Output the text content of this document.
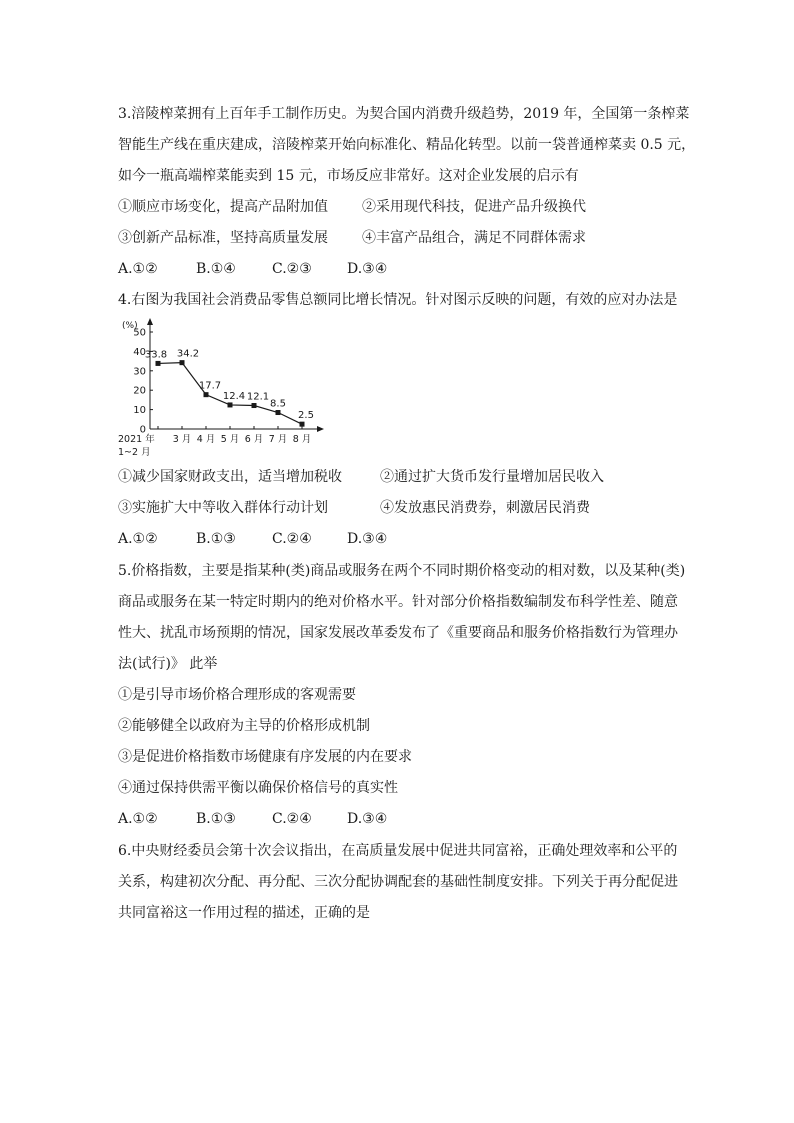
3.涪陵榨菜拥有上百年手工制作历史。为契合国内消费升级趋势，2019 年，全国第一条榨菜
智能生产线在重庆建成，涪陵榨菜开始向标准化、精品化转型。以前一袋普通榨菜卖 0.5 元，
如今一瓶高端榨菜能卖到 15 元，市场反应非常好。这对企业发展的启示有
①顺应市场变化，提高产品附加值 ②采用现代科技，促进产品升级换代
③创新产品标准，坚持高质量发展 ④丰富产品组合，满足不同群体需求
A.①②	B.①④	C.②③	D.③④
4.右图为我国社会消费品零售总额同比增长情况。针对图示反映的问题，有效的应对办法是
(%)
50
40
30
20
10
0
2021 年 3 月 4 月 5 月 6 月 7 月 8 月
1~2 月
33.8 34.2
17.7
12.4 12.1
8.5
2.5
①减少国家财政支出，适当增加税收	②通过扩大货币发行量增加居民收入
③实施扩大中等收入群体行动计划	④发放惠民消费券，刺激居民消费
A.①②	B.①③	C.②④	D.③④
5.价格指数，主要是指某种(类)商品或服务在两个不同时期价格变动的相对数，以及某种(类)
商品或服务在某一特定时期内的绝对价格水平。针对部分价格指数编制发布科学性差、随意
性大、扰乱市场预期的情况，国家发展改革委发布了《重要商品和服务价格指数行为管理办
法(试行)》 此举
①是引导市场价格合理形成的客观需要
②能够健全以政府为主导的价格形成机制
③是促进价格指数市场健康有序发展的内在要求
④通过保持供需平衡以确保价格信号的真实性
A.①②	B.①③	C.②④	D.③④
6.中央财经委员会第十次会议指出，在高质量发展中促进共同富裕，正确处理效率和公平的
关系，构建初次分配、再分配、三次分配协调配套的基础性制度安排。下列关于再分配促进
共同富裕这一作用过程的描述，正确的是
